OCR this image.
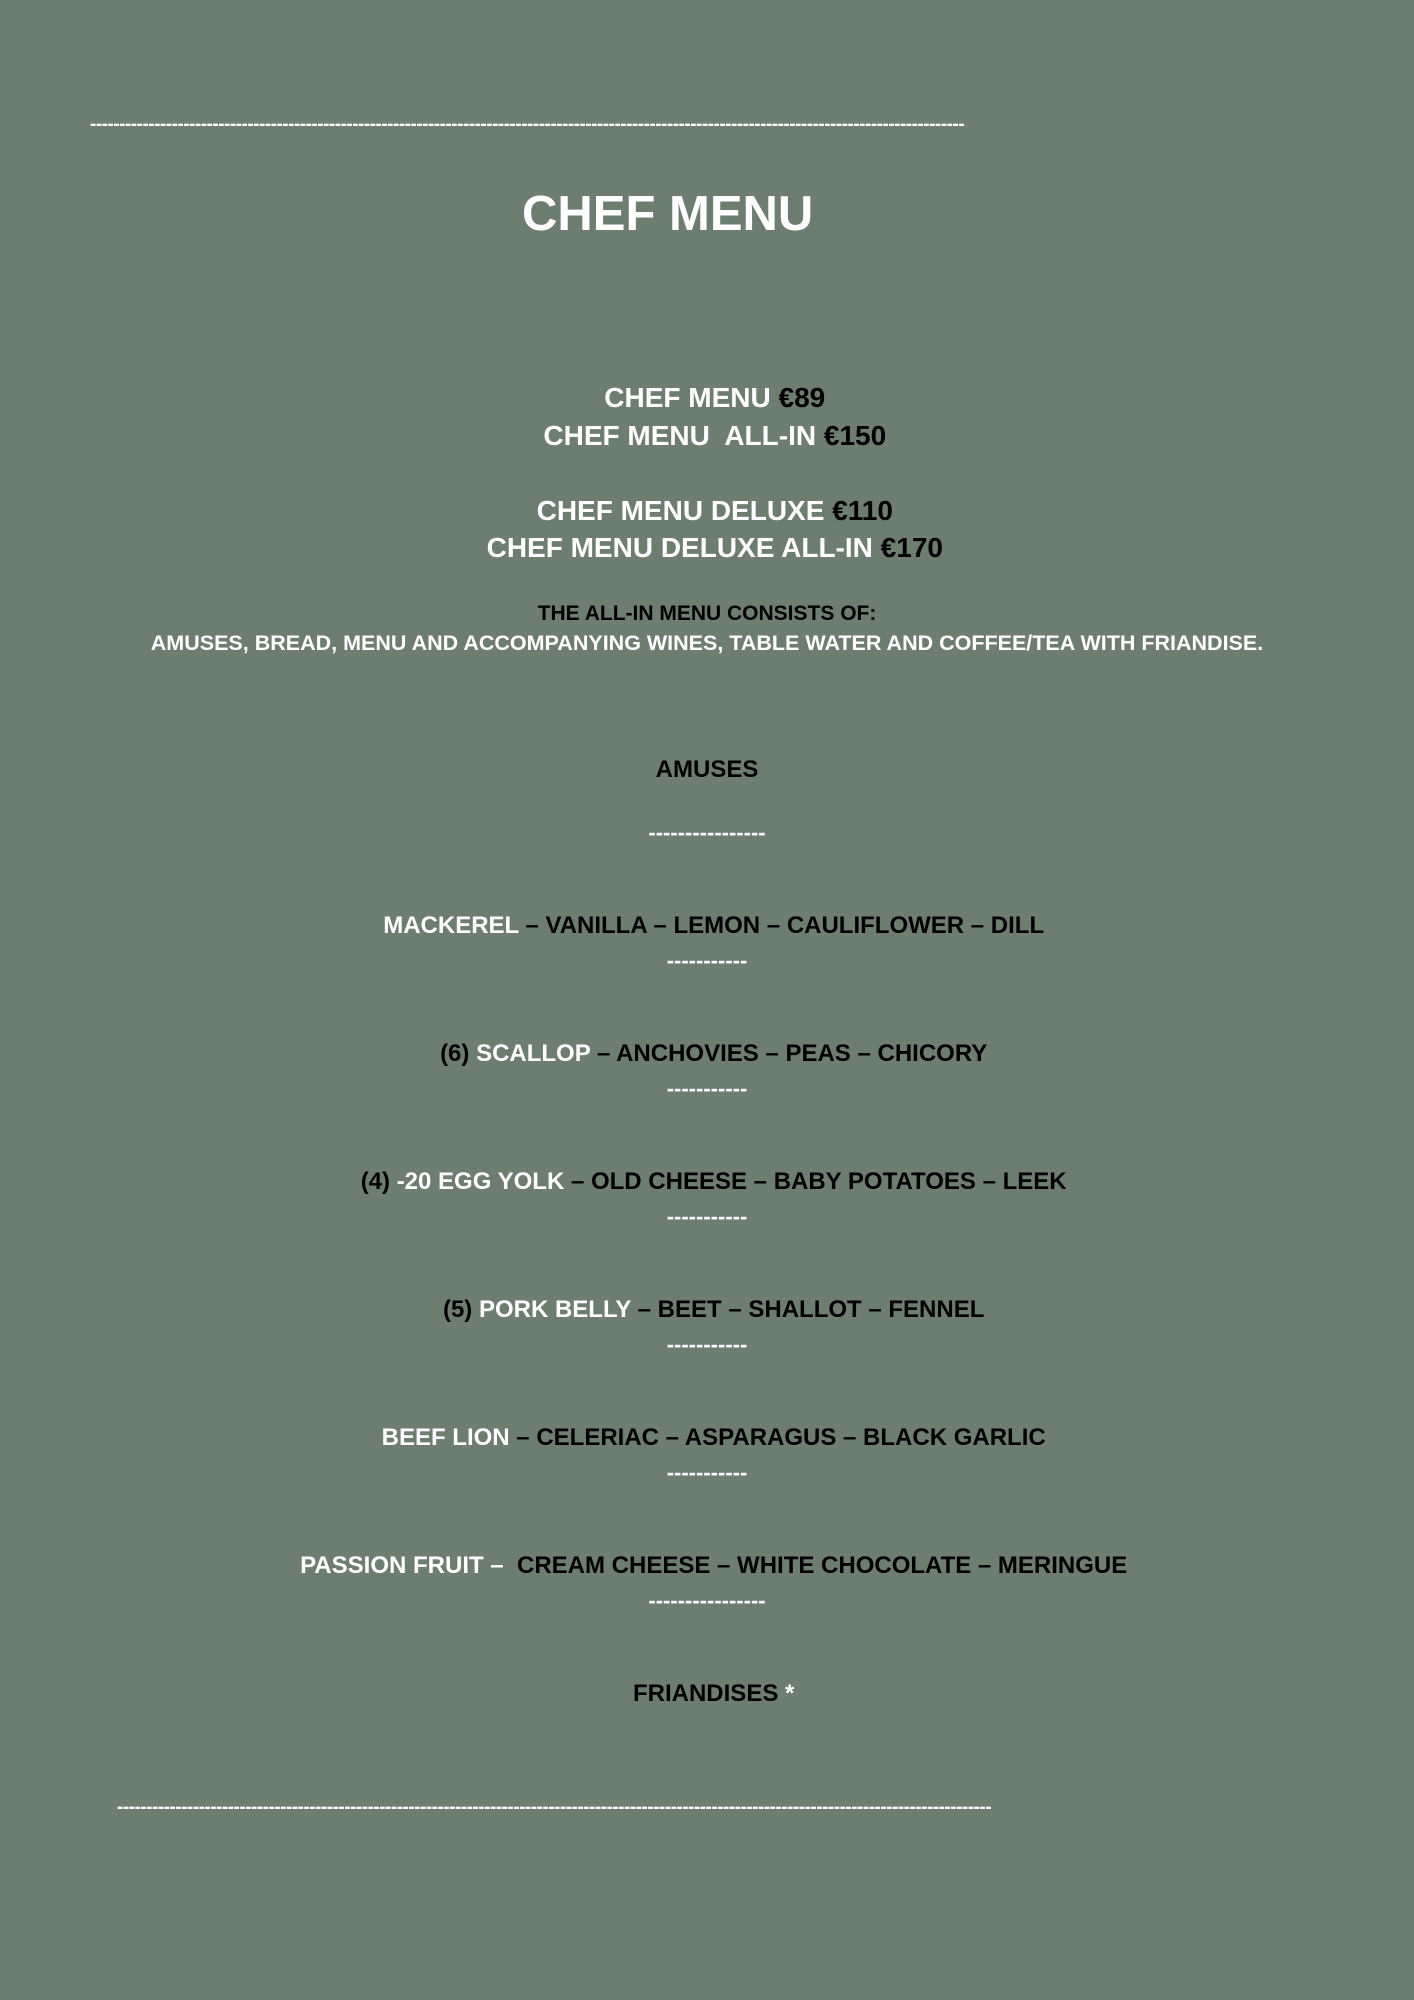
------------------------------------------------------------------------------------------------------------------------------------------------------
CHEF MENU

CHEF MENU €89

CHEF MENU  ALL-IN €150

CHEF MENU DELUXE €110

CHEF MENU DELUXE ALL-IN €170

THE ALL-IN MENU CONSISTS OF:
AMUSES, BREAD, MENU AND ACCOMPANYING WINES, TABLE WATER AND COFFEE/TEA WITH FRIANDISE.
AMUSES
----------------

MACKEREL – VANILLA – LEMON – CAULIFLOWER – DILL

-----------

(6) SCALLOP – ANCHOVIES – PEAS – CHICORY

-----------

(4) -20 EGG YOLK – OLD CHEESE – BABY POTATOES – LEEK

-----------

(5) PORK BELLY – BEET – SHALLOT – FENNEL

-----------

BEEF LION – CELERIAC – ASPARAGUS – BLACK GARLIC

-----------

PASSION FRUIT –  CREAM CHEESE – WHITE CHOCOLATE – MERINGUE

----------------

FRIANDISES *

------------------------------------------------------------------------------------------------------------------------------------------------------
